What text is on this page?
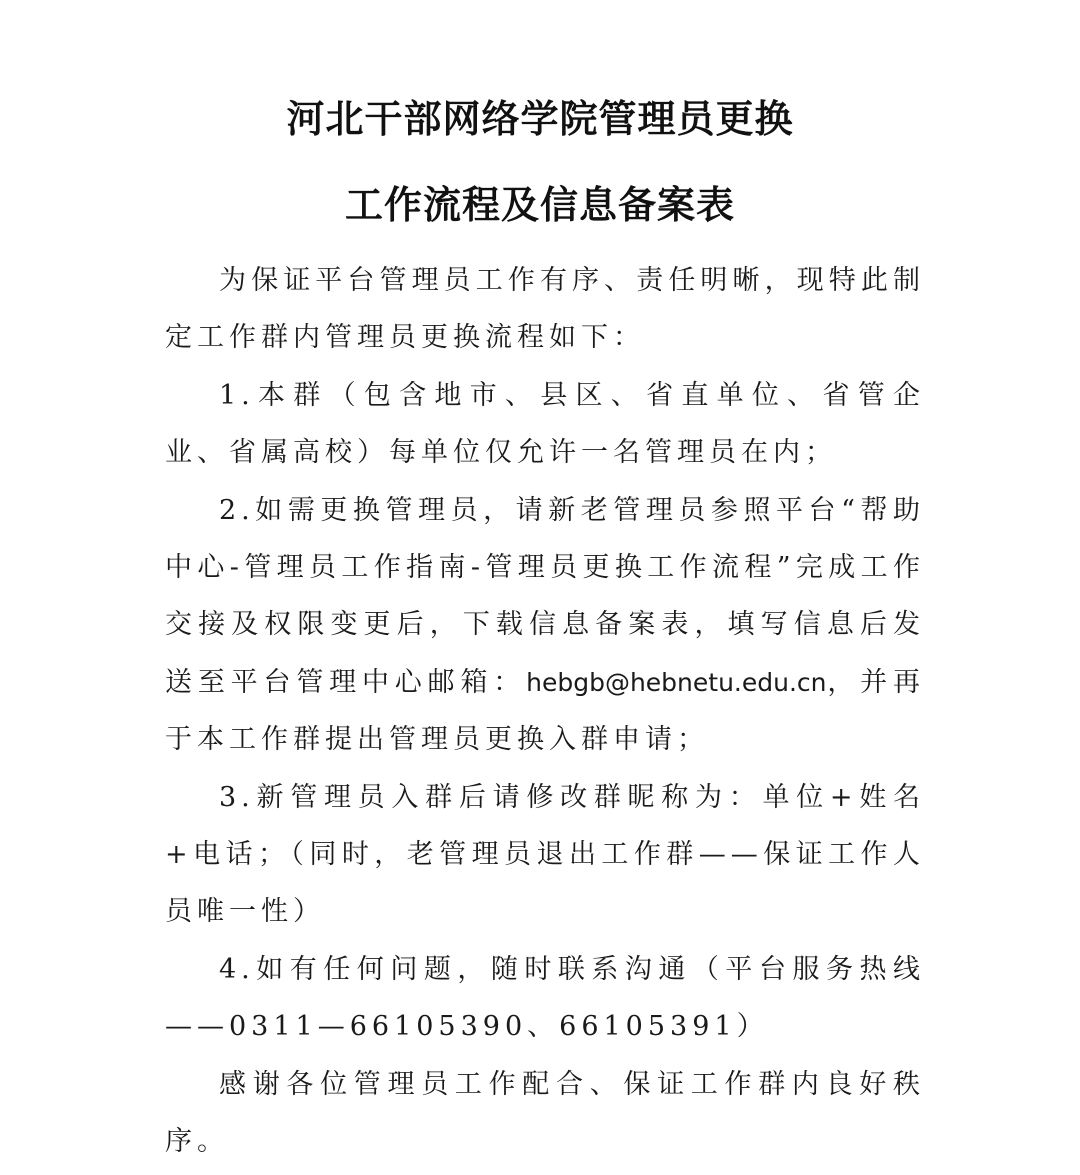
河北干部网络学院管理员更换
工作流程及信息备案表

为保证平台管理员工作有序、责任明晰，现特此制定工作群内管理员更换流程如下：

1.本群（包含地市、县区、省直单位、省管企业、省属高校）每单位仅允许一名管理员在内；

2.如需更换管理员，请新老管理员参照平台“帮助中心-管理员工作指南-管理员更换工作流程”完成工作交接及权限变更后，下载信息备案表，填写信息后发送至平台管理中心邮箱：hebgb@hebnetu.edu.cn，并再于本工作群提出管理员更换入群申请；

3.新管理员入群后请修改群昵称为：单位+姓名+电话；（同时，老管理员退出工作群——保证工作人员唯一性）

4.如有任何问题，随时联系沟通（平台服务热线——0311—66105390、66105391）

感谢各位管理员工作配合、保证工作群内良好秩序。
